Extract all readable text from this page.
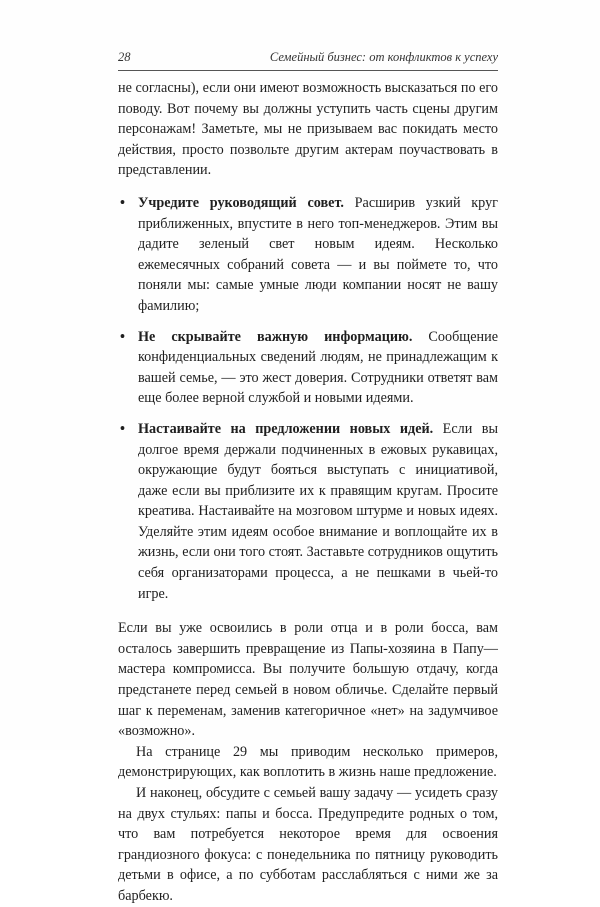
28	Семейный бизнес: от конфликтов к успеху

не согласны), если они имеют возможность высказаться по его поводу. Вот почему вы должны уступить часть сцены другим персонажам! Заметьте, мы не призываем вас покидать место действия, просто позвольте другим актерам поучаствовать в представлении.

• Учредите руководящий совет. Расширив узкий круг приближенных, впустите в него топ-менеджеров. Этим вы дадите зеленый свет новым идеям. Несколько ежемесячных собраний совета — и вы поймете то, что поняли мы: самые умные люди компании носят не вашу фамилию;
• Не скрывайте важную информацию. Сообщение конфиденциальных сведений людям, не принадлежащим к вашей семье, — это жест доверия. Сотрудники ответят вам еще более верной службой и новыми идеями.
• Настаивайте на предложении новых идей. Если вы долгое время держали подчиненных в ежовых рукавицах, окружающие будут бояться выступать с инициативой, даже если вы приблизите их к правящим кругам. Просите креатива. Настаивайте на мозговом штурме и новых идеях. Уделяйте этим идеям особое внимание и воплощайте их в жизнь, если они того стоят. Заставьте сотрудников ощутить себя организаторами процесса, а не пешками в чьей-то игре.

Если вы уже освоились в роли отца и в роли босса, вам осталось завершить превращение из Папы-хозяина в Папу—мастера компромисса. Вы получите большую отдачу, когда предстанете перед семьей в новом обличье. Сделайте первый шаг к переменам, заменив категоричное «нет» на задумчивое «возможно».

На странице 29 мы приводим несколько примеров, демонстрирующих, как воплотить в жизнь наше предложение.

И наконец, обсудите с семьей вашу задачу — усидеть сразу на двух стульях: папы и босса. Предупредите родных о том, что вам потребуется некоторое время для освоения грандиозного фокуса: с понедельника по пятницу руководить детьми в офисе, а по субботам расслабляться с ними же за барбекю.
